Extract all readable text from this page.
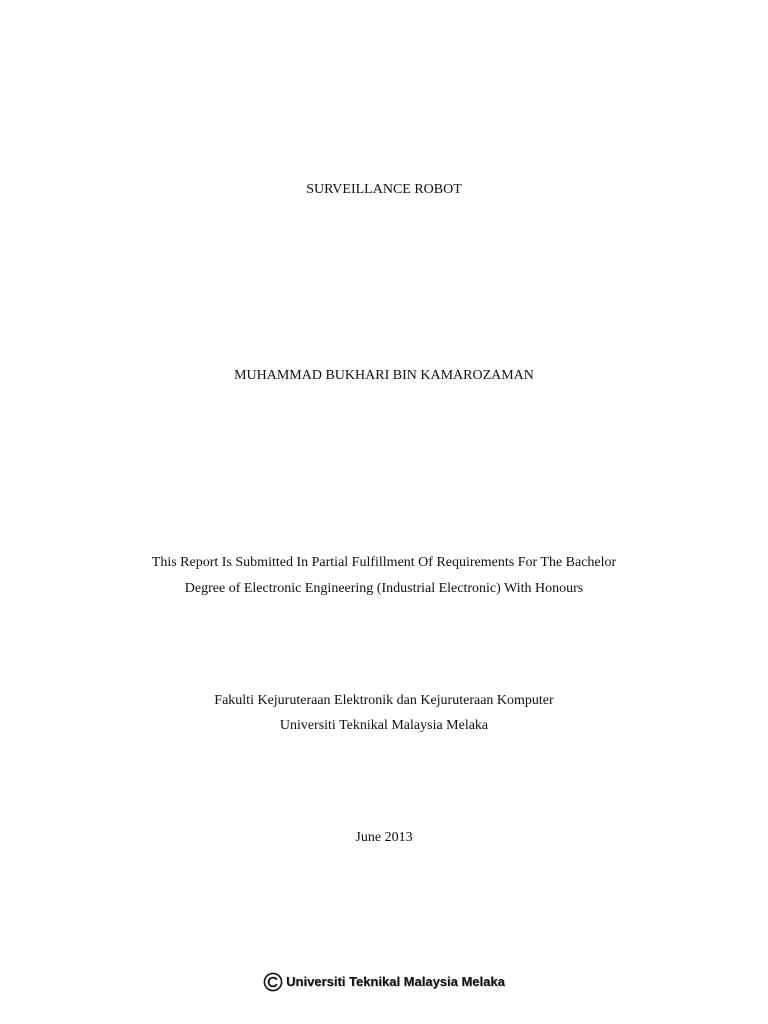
SURVEILLANCE ROBOT
MUHAMMAD BUKHARI BIN KAMAROZAMAN
This Report Is Submitted In Partial Fulfillment Of Requirements For The Bachelor
Degree of Electronic Engineering (Industrial Electronic) With Honours
Fakulti Kejuruteraan Elektronik dan Kejuruteraan Komputer
Universiti Teknikal Malaysia Melaka
June 2013
Universiti Teknikal Malaysia Melaka
